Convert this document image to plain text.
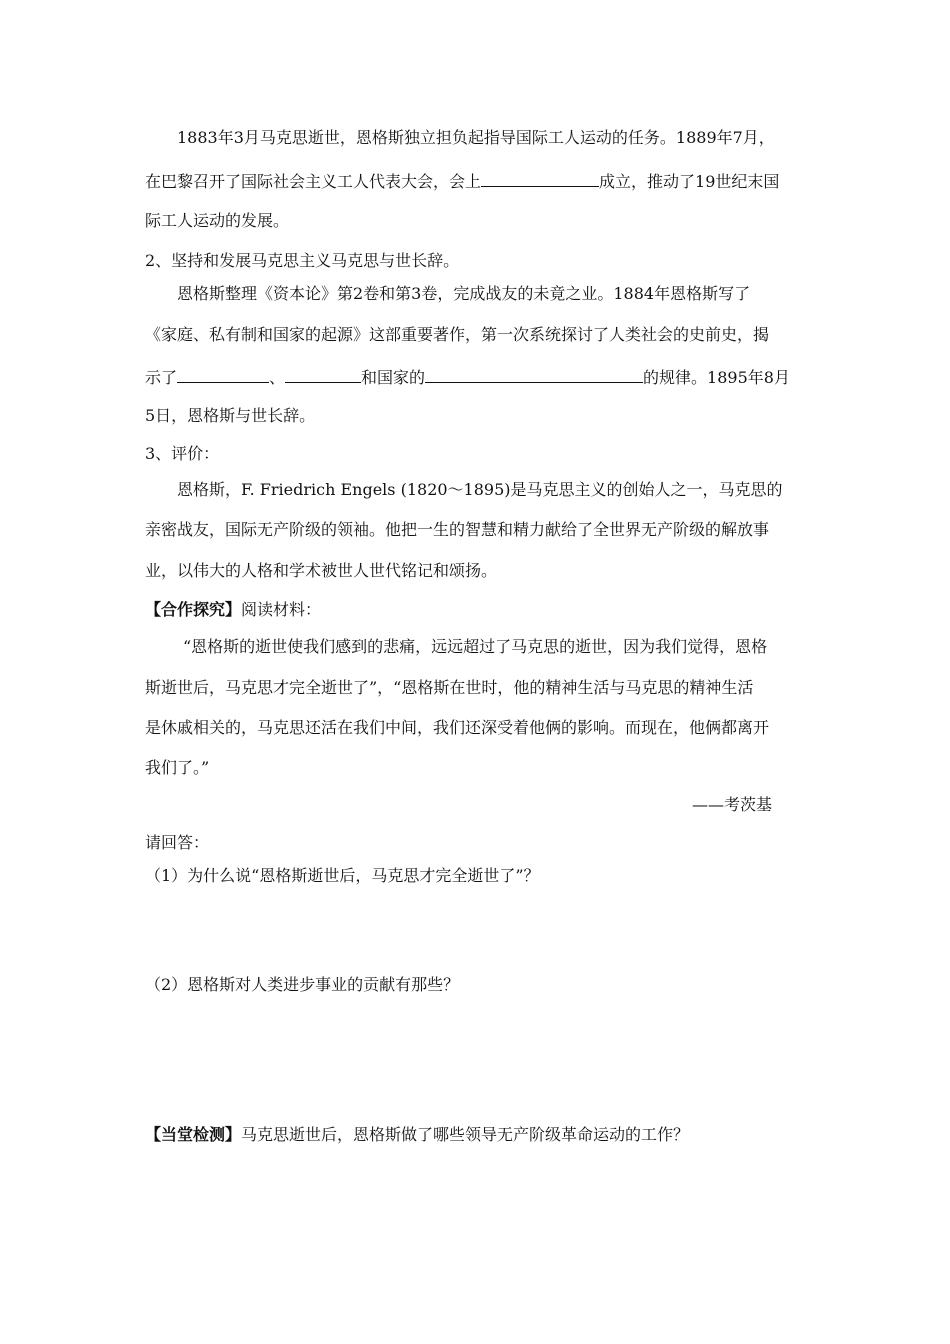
1883年3月马克思逝世，恩格斯独立担负起指导国际工人运动的任务。1889年7月，
在巴黎召开了国际社会主义工人代表大会，会上	成立，推动了19世纪末国
际工人运动的发展。
2、坚持和发展马克思主义马克思与世长辞。
恩格斯整理《资本论》第2卷和第3卷，完成战友的未竟之业。1884年恩格斯写了
《家庭、私有制和国家的起源》这部重要著作，第一次系统探讨了人类社会的史前史，揭
示了	、	和国家的	的规律。1895年8月
5日，恩格斯与世长辞。
3、评价：
恩格斯，F. Friedrich Engels (1820～1895)是马克思主义的创始人之一，马克思的
亲密战友，国际无产阶级的领袖。他把一生的智慧和精力献给了全世界无产阶级的解放事
业，以伟大的人格和学术被世人世代铭记和颂扬。
【合作探究】阅读材料：
“恩格斯的逝世使我们感到的悲痛，远远超过了马克思的逝世，因为我们觉得，恩格
斯逝世后，马克思才完全逝世了”，“恩格斯在世时，他的精神生活与马克思的精神生活
是休戚相关的，马克思还活在我们中间，我们还深受着他俩的影响。而现在，他俩都离开
我们了。”
——考茨基
请回答：
（1）为什么说“恩格斯逝世后，马克思才完全逝世了”？
（2）恩格斯对人类进步事业的贡献有那些？
【当堂检测】马克思逝世后，恩格斯做了哪些领导无产阶级革命运动的工作？
